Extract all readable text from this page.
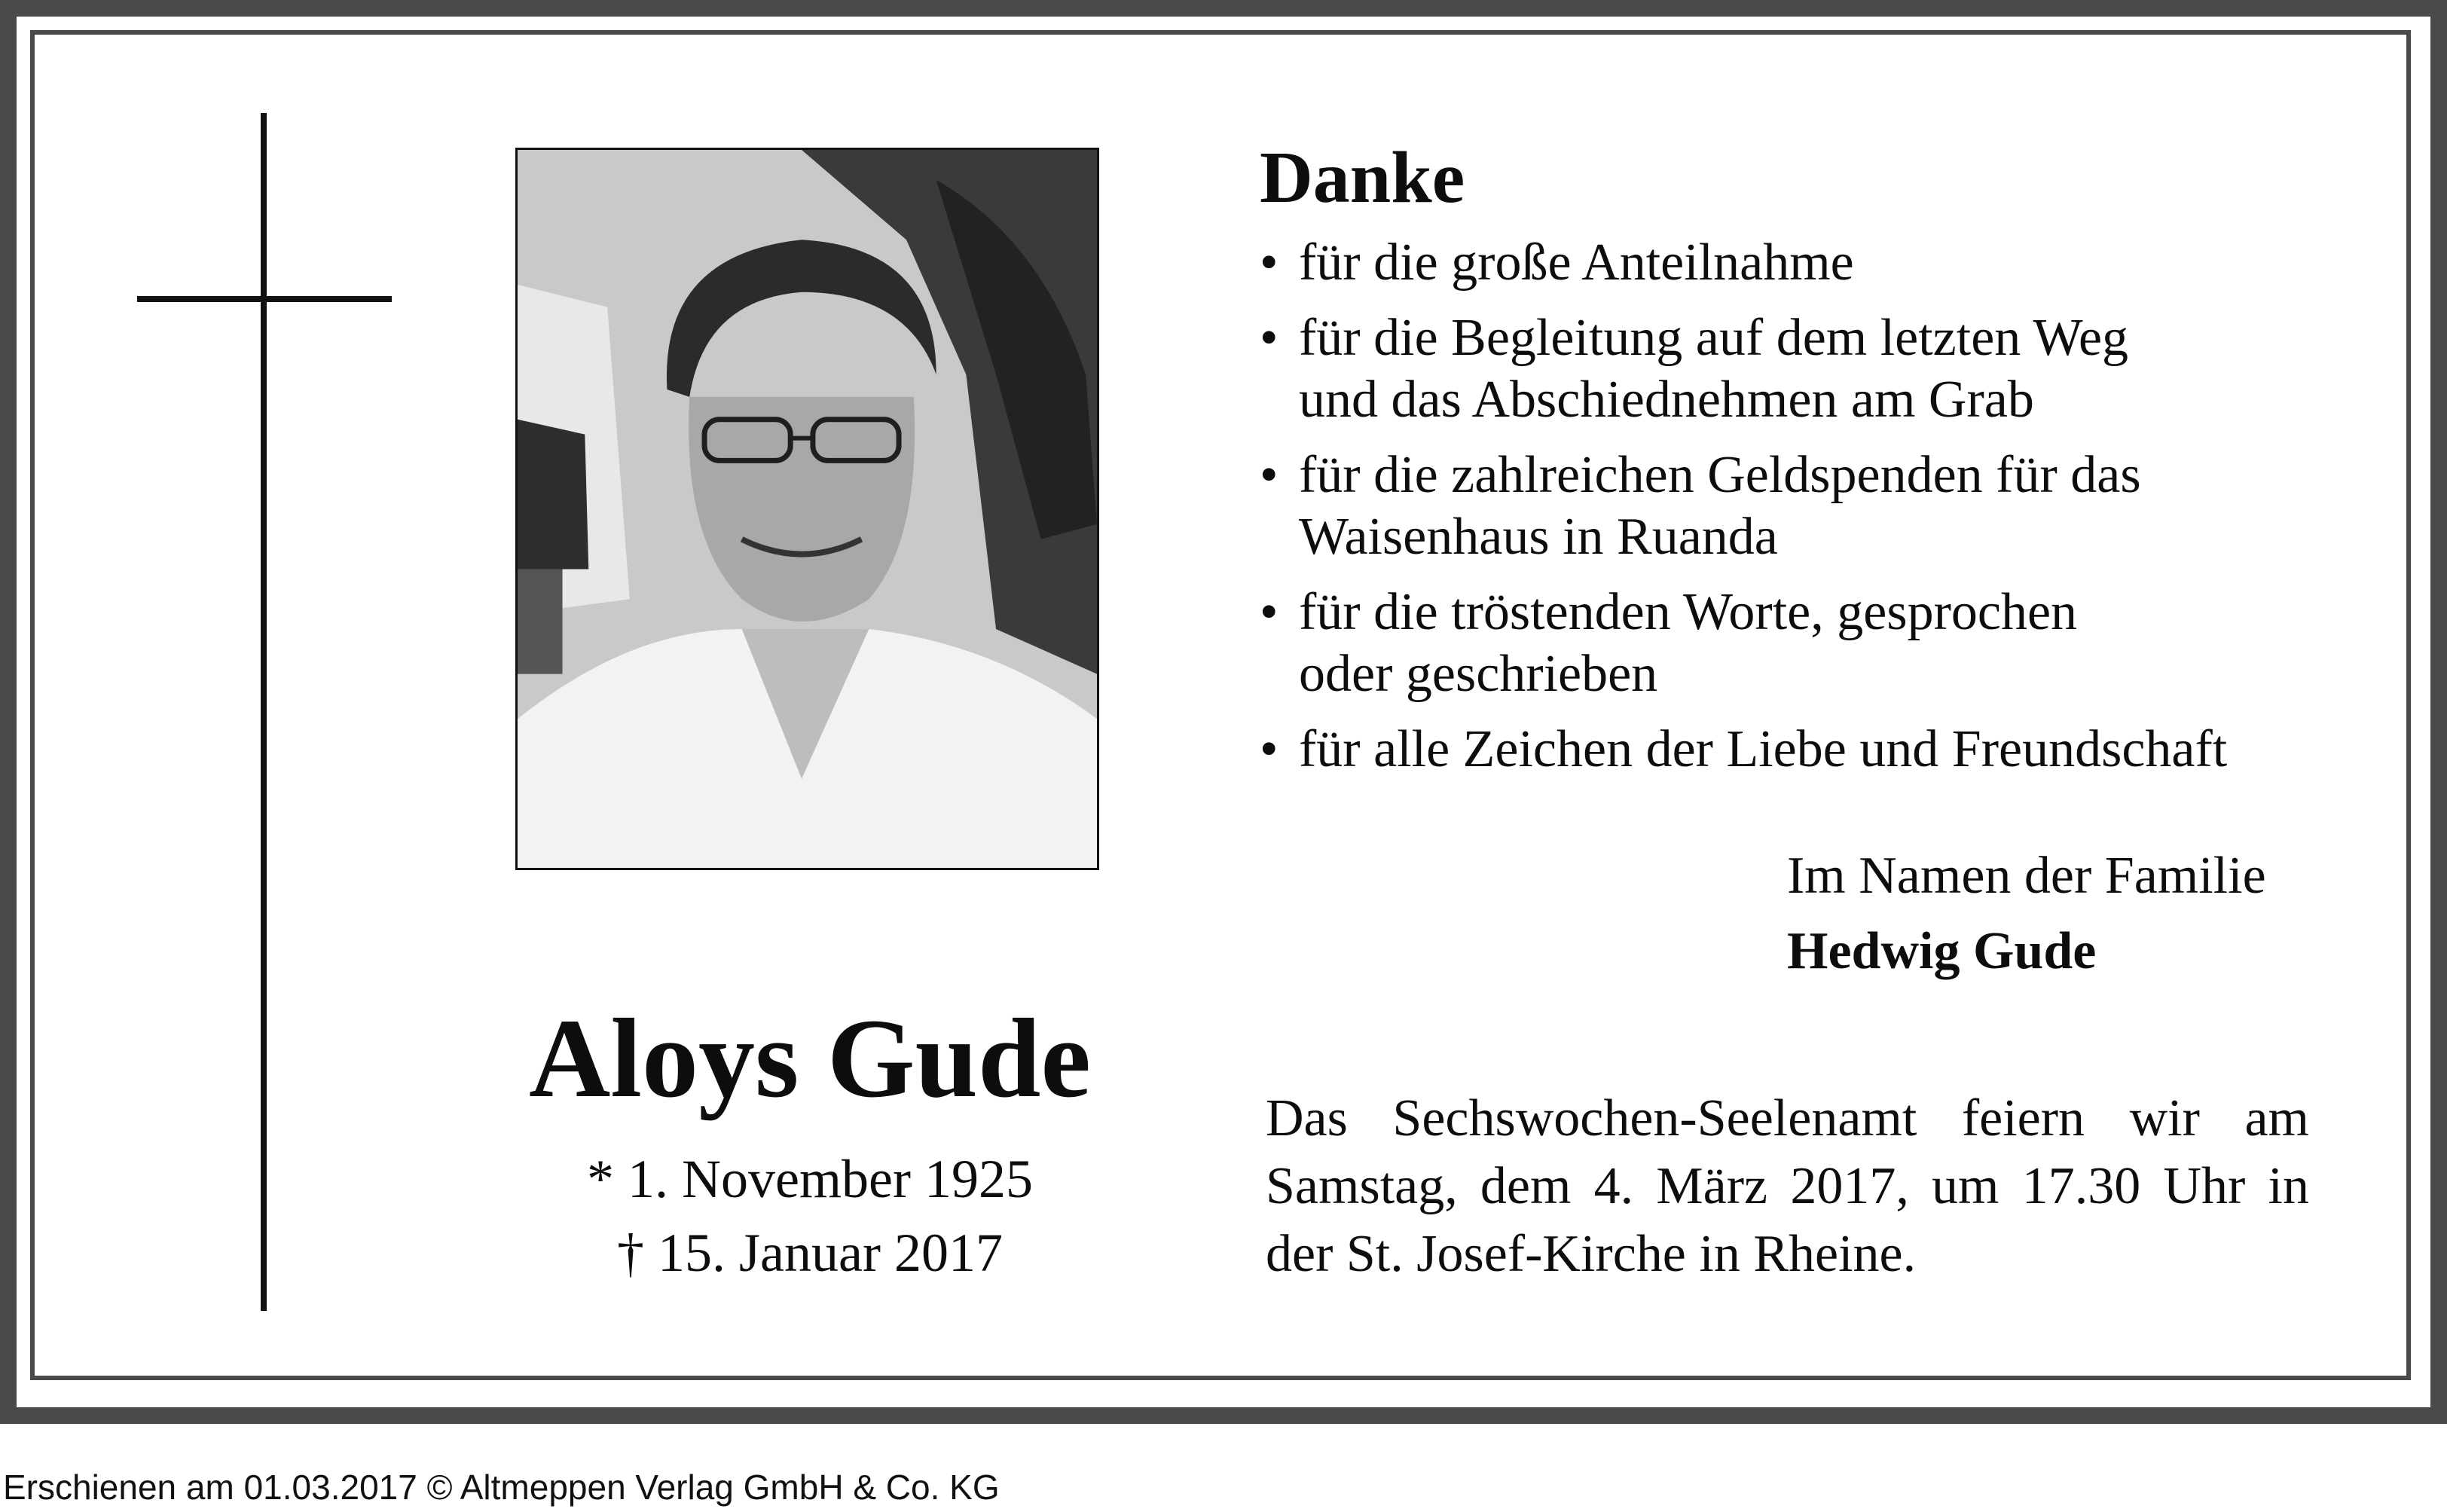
Aloys Gude
* 1. November 1925
† 15. Januar 2017
Danke
• für die große Anteilnahme
• für die Begleitung auf dem letzten Weg
und das Abschiednehmen am Grab
• für die zahlreichen Geldspenden für das
Waisenhaus in Ruanda
• für die tröstenden Worte, gesprochen
oder geschrieben
• für alle Zeichen der Liebe und Freundschaft
Im Namen der Familie
Hedwig Gude
Das Sechswochen-Seelenamt feiern wir am
Samstag, dem 4. März 2017, um 17.30 Uhr in
der St. Josef-Kirche in Rheine.
Erschienen am 01.03.2017 © Altmeppen Verlag GmbH & Co. KG
